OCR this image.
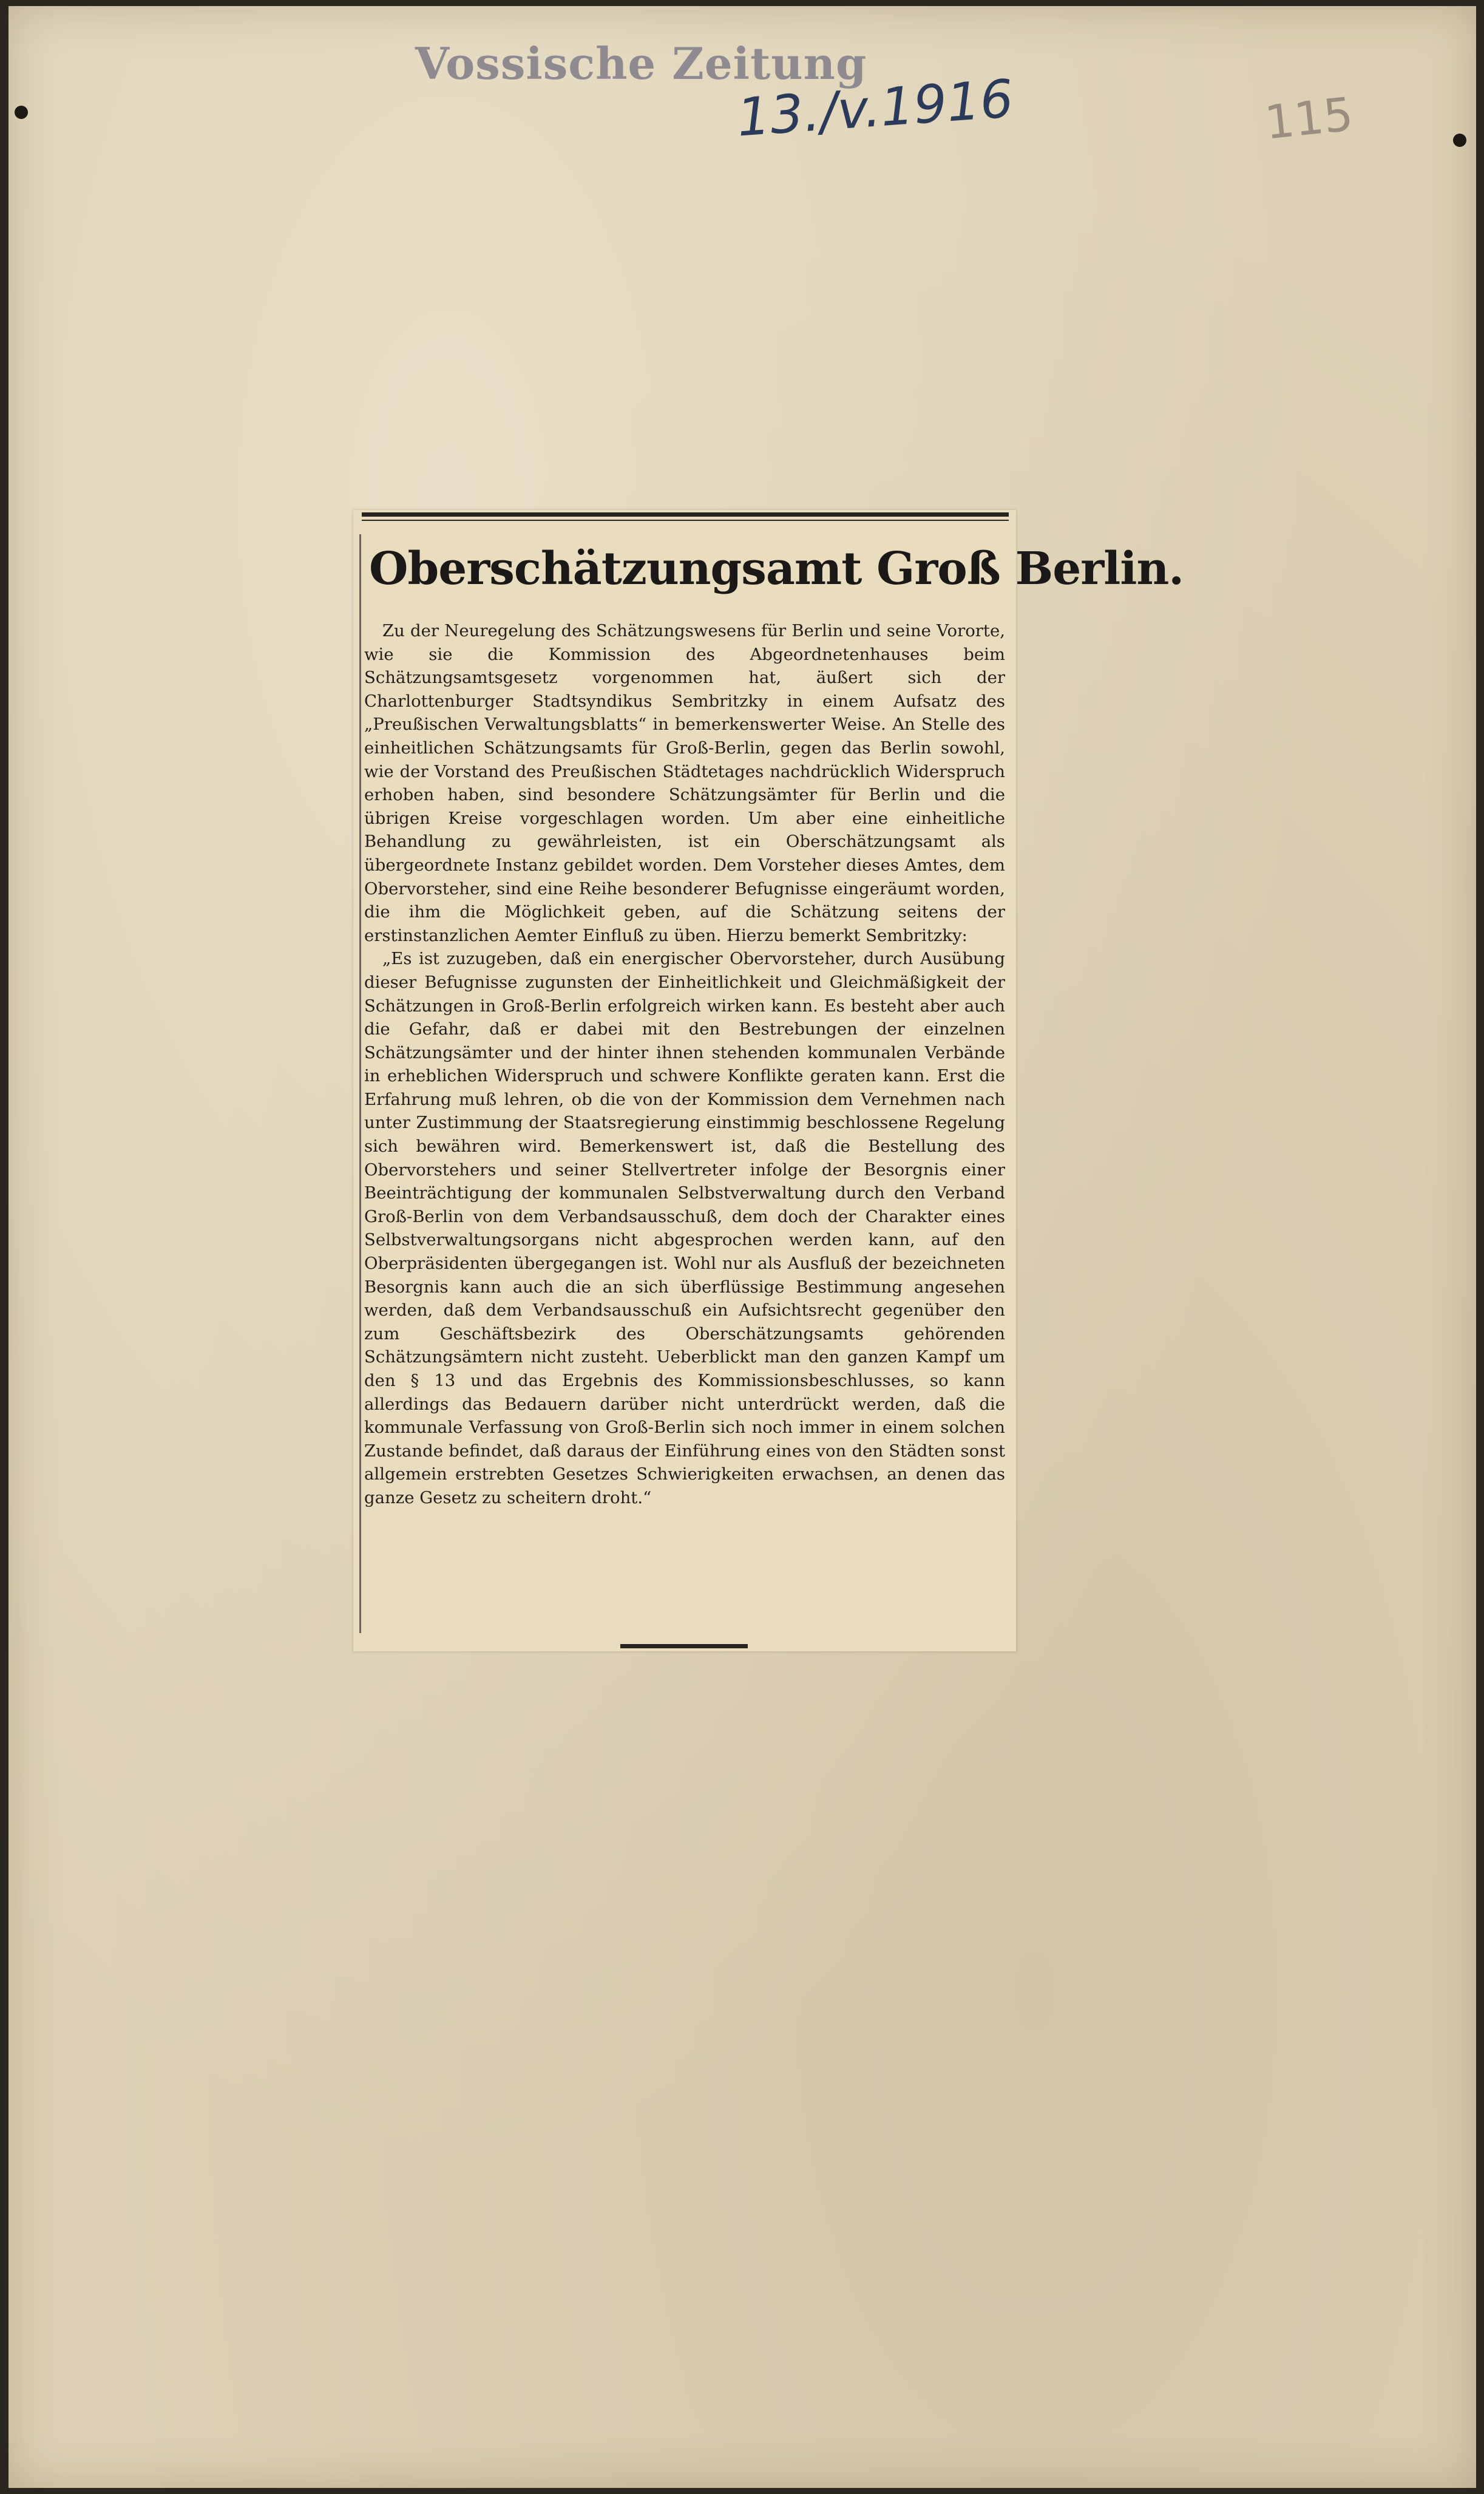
Vossische Zeitung
13./v.1916	115
Oberschätzungsamt Groß Berlin.

Zu der Neuregelung des Schätzungswesens für Berlin und seine Vororte, wie sie die Kommission des Abgeordnetenhauses beim Schätzungsamtsgesetz vorgenommen hat, äußert sich der Charlottenburger Stadtsyndikus Sembritzky in einem Aufsatz des „Preußischen Verwaltungsblatts“ in bemerkenswerter Weise. An Stelle des einheitlichen Schätzungsamts für Groß-Berlin, gegen das Berlin sowohl, wie der Vorstand des Preußischen Städtetages nachdrücklich Widerspruch erhoben haben, sind besondere Schätzungsämter für Berlin und die übrigen Kreise vorgeschlagen worden. Um aber eine einheitliche Behandlung zu gewährleisten, ist ein Oberschätzungsamt als übergeordnete Instanz gebildet worden. Dem Vorsteher dieses Amtes, dem Obervorsteher, sind eine Reihe besonderer Befugnisse eingeräumt worden, die ihm die Möglichkeit geben, auf die Schätzung seitens der erstinstanzlichen Aemter Einfluß zu üben. Hierzu bemerkt Sembritzky:

„Es ist zuzugeben, daß ein energischer Obervorsteher, durch Ausübung dieser Befugnisse zugunsten der Einheitlichkeit und Gleichmäßigkeit der Schätzungen in Groß-Berlin erfolgreich wirken kann. Es besteht aber auch die Gefahr, daß er dabei mit den Bestrebungen der einzelnen Schätzungsämter und der hinter ihnen stehenden kommunalen Verbände in erheblichen Widerspruch und schwere Konflikte geraten kann. Erst die Erfahrung muß lehren, ob die von der Kommission dem Vernehmen nach unter Zustimmung der Staatsregierung einstimmig beschlossene Regelung sich bewähren wird. Bemerkenswert ist, daß die Bestellung des Obervorstehers und seiner Stellvertreter infolge der Besorgnis einer Beeinträchtigung der kommunalen Selbstverwaltung durch den Verband Groß-Berlin von dem Verbandsausschuß, dem doch der Charakter eines Selbstverwaltungsorgans nicht abgesprochen werden kann, auf den Oberpräsidenten übergegangen ist. Wohl nur als Ausfluß der bezeichneten Besorgnis kann auch die an sich überflüssige Bestimmung angesehen werden, daß dem Verbandsausschuß ein Aufsichtsrecht gegenüber den zum Geschäftsbezirk des Oberschätzungsamts gehörenden Schätzungsämtern nicht zusteht. Ueberblickt man den ganzen Kampf um den § 13 und das Ergebnis des Kommissionsbeschlusses, so kann allerdings das Bedauern darüber nicht unterdrückt werden, daß die kommunale Verfassung von Groß-Berlin sich noch immer in einem solchen Zustande befindet, daß daraus der Einführung eines von den Städten sonst allgemein erstrebten Gesetzes Schwierigkeiten erwachsen, an denen das ganze Gesetz zu scheitern droht.“
